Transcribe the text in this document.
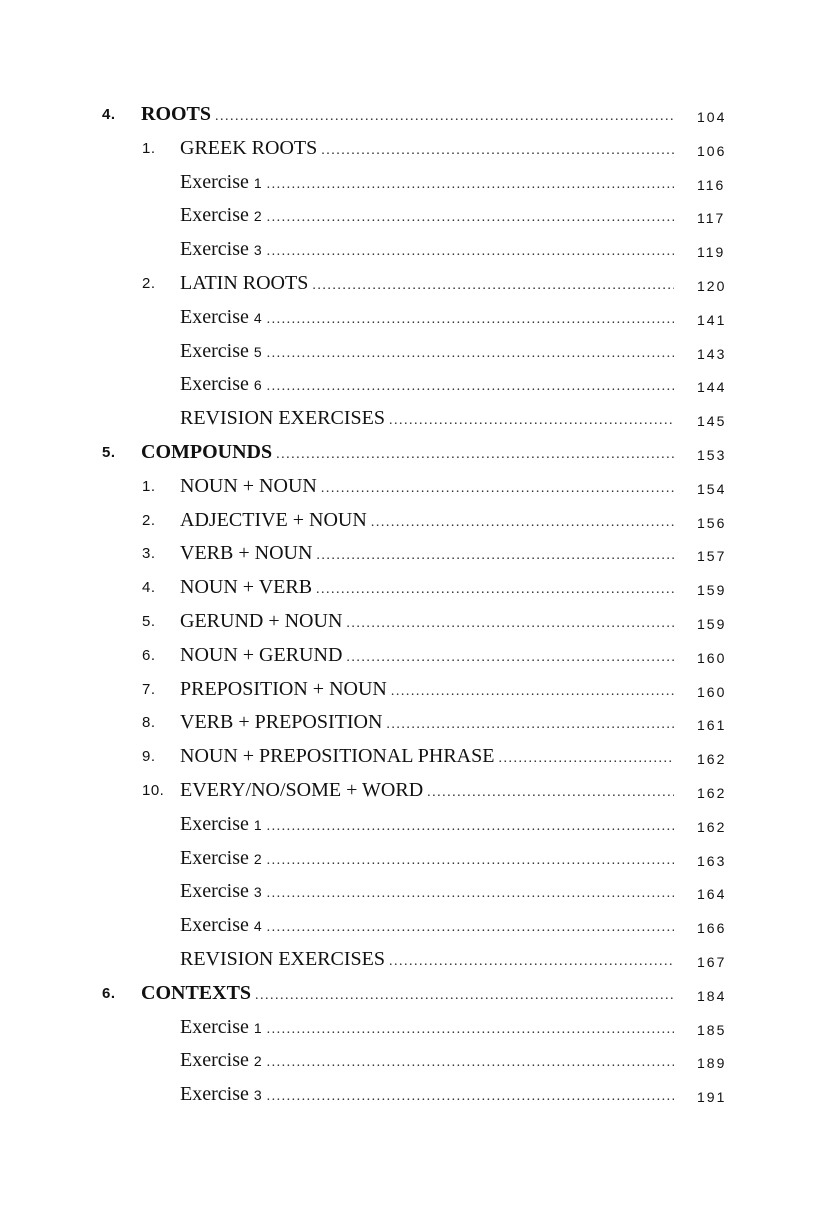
4. ROOTS .....	104
1. GREEK ROOTS .....	106
Exercise 1 .....	116
Exercise 2 .....	117
Exercise 3 .....	119
2. LATIN ROOTS .....	120
Exercise 4 .....	141
Exercise 5 .....	143
Exercise 6 .....	144
REVISION EXERCISES .....	145
5. COMPOUNDS .....	153
1. NOUN + NOUN .....	154
2. ADJECTIVE + NOUN .....	156
3. VERB + NOUN .....	157
4. NOUN + VERB .....	159
5. GERUND + NOUN .....	159
6. NOUN + GERUND .....	160
7. PREPOSITION + NOUN .....	160
8. VERB + PREPOSITION .....	161
9. NOUN + PREPOSITIONAL PHRASE .....	162
10. EVERY/NO/SOME + WORD .....	162
Exercise 1 .....	162
Exercise 2 .....	163
Exercise 3 .....	164
Exercise 4 .....	166
REVISION EXERCISES .....	167
6. CONTEXTS .....	184
Exercise 1 .....	185
Exercise 2 .....	189
Exercise 3 .....	191
